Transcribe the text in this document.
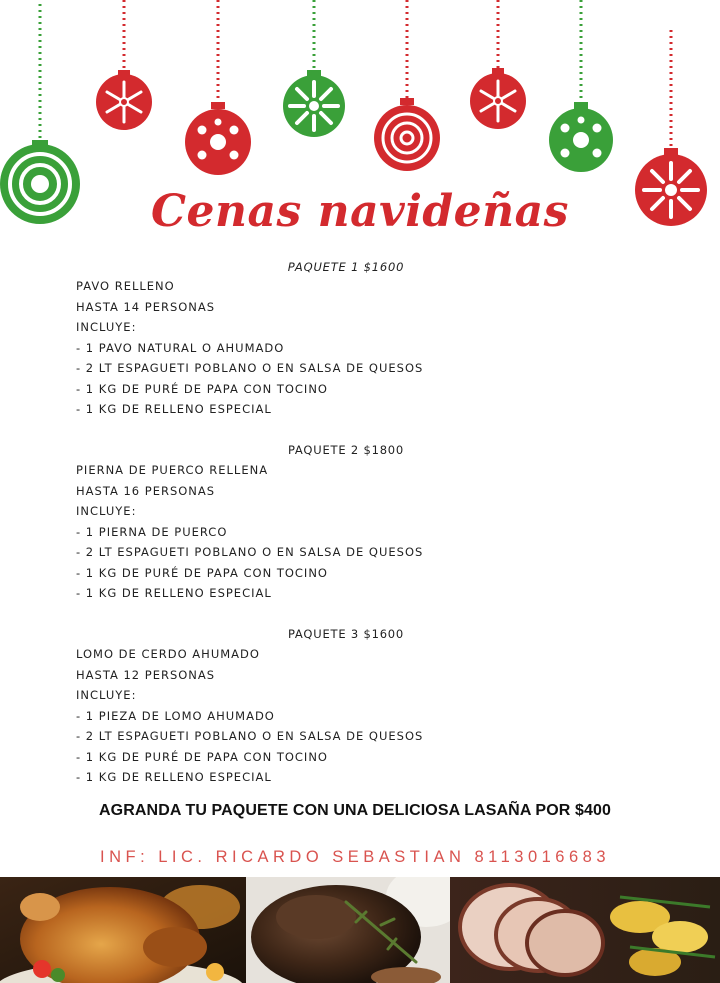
Cenas navideñas
PAQUETE 1 $1600
PAVO RELLENO
HASTA 14 PERSONAS
INCLUYE:
- 1 PAVO NATURAL O AHUMADO
- 2 LT ESPAGUETI POBLANO O EN SALSA DE QUESOS
- 1 KG DE PURÉ DE PAPA CON TOCINO
- 1 KG DE RELLENO ESPECIAL
PAQUETE 2 $1800
PIERNA DE PUERCO RELLENA
HASTA 16 PERSONAS
INCLUYE:
- 1 PIERNA DE PUERCO
- 2 LT ESPAGUETI POBLANO O EN SALSA DE QUESOS
- 1 KG DE PURÉ DE PAPA CON TOCINO
- 1 KG DE RELLENO ESPECIAL
PAQUETE 3 $1600
LOMO DE CERDO AHUMADO
HASTA 12 PERSONAS
INCLUYE:
- 1 PIEZA DE LOMO AHUMADO
- 2 LT ESPAGUETI POBLANO O EN SALSA DE QUESOS
- 1 KG DE PURÉ DE PAPA CON TOCINO
- 1 KG DE RELLENO ESPECIAL
AGRANDA TU PAQUETE CON UNA DELICIOSA LASAÑA POR $400
INF: LIC. RICARDO SEBASTIAN 8113016683
